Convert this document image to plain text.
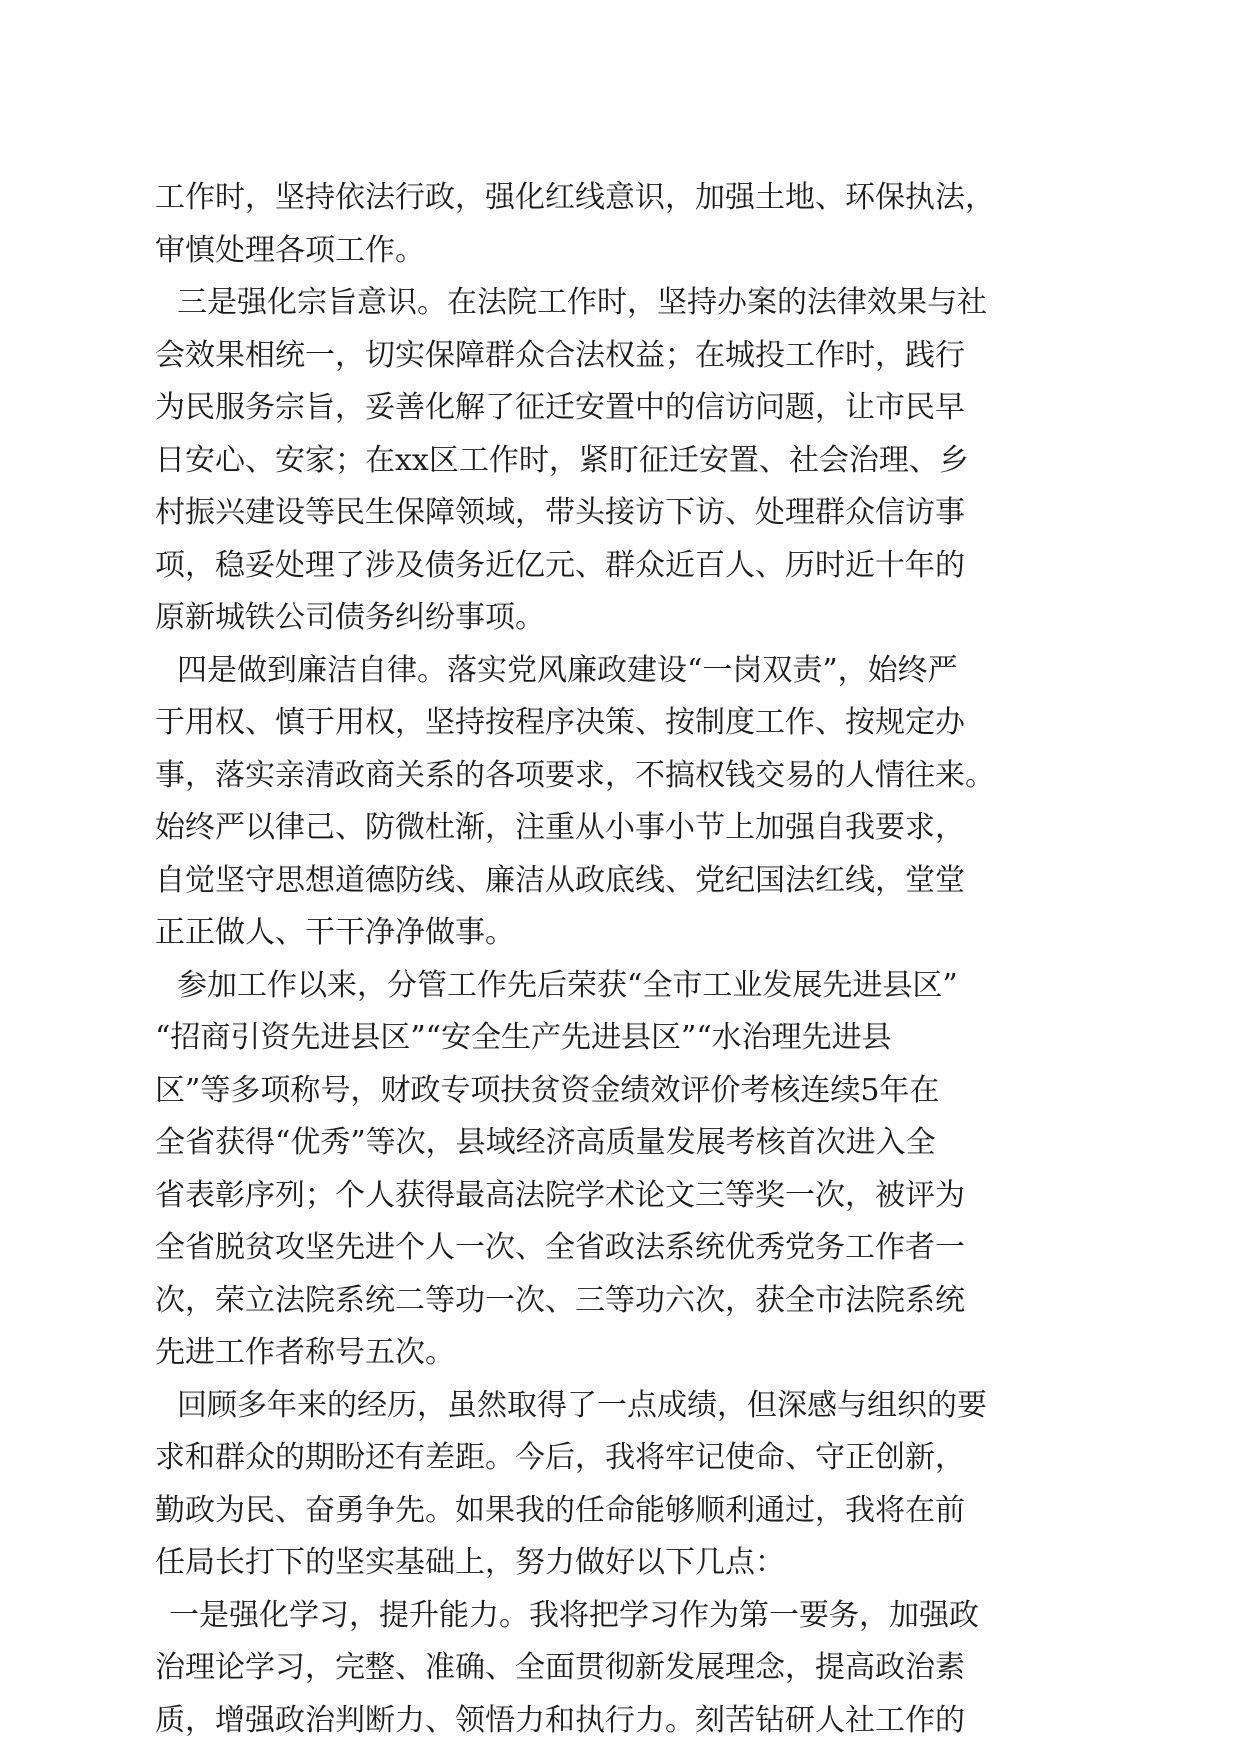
工作时，坚持依法行政，强化红线意识，加强土地、环保执法，
审慎处理各项工作。
三是强化宗旨意识。在法院工作时，坚持办案的法律效果与社
会效果相统一，切实保障群众合法权益；在城投工作时，践行
为民服务宗旨，妥善化解了征迁安置中的信访问题，让市民早
日安心、安家；在xx区工作时，紧盯征迁安置、社会治理、乡
村振兴建设等民生保障领域，带头接访下访、处理群众信访事
项，稳妥处理了涉及债务近亿元、群众近百人、历时近十年的
原新城铁公司债务纠纷事项。
四是做到廉洁自律。落实党风廉政建设“一岗双责”，始终严
于用权、慎于用权，坚持按程序决策、按制度工作、按规定办
事，落实亲清政商关系的各项要求，不搞权钱交易的人情往来。
始终严以律己、防微杜渐，注重从小事小节上加强自我要求，
自觉坚守思想道德防线、廉洁从政底线、党纪国法红线，堂堂
正正做人、干干净净做事。
参加工作以来，分管工作先后荣获“全市工业发展先进县区”
“招商引资先进县区”“安全生产先进县区”“水治理先进县
区”等多项称号，财政专项扶贫资金绩效评价考核连续5年在
全省获得“优秀”等次，县域经济高质量发展考核首次进入全
省表彰序列；个人获得最高法院学术论文三等奖一次，被评为
全省脱贫攻坚先进个人一次、全省政法系统优秀党务工作者一
次，荣立法院系统二等功一次、三等功六次，获全市法院系统
先进工作者称号五次。
回顾多年来的经历，虽然取得了一点成绩，但深感与组织的要
求和群众的期盼还有差距。今后，我将牢记使命、守正创新，
勤政为民、奋勇争先。如果我的任命能够顺利通过，我将在前
任局长打下的坚实基础上，努力做好以下几点：
一是强化学习，提升能力。我将把学习作为第一要务，加强政
治理论学习，完整、准确、全面贯彻新发展理念，提高政治素
质，增强政治判断力、领悟力和执行力。刻苦钻研人社工作的
